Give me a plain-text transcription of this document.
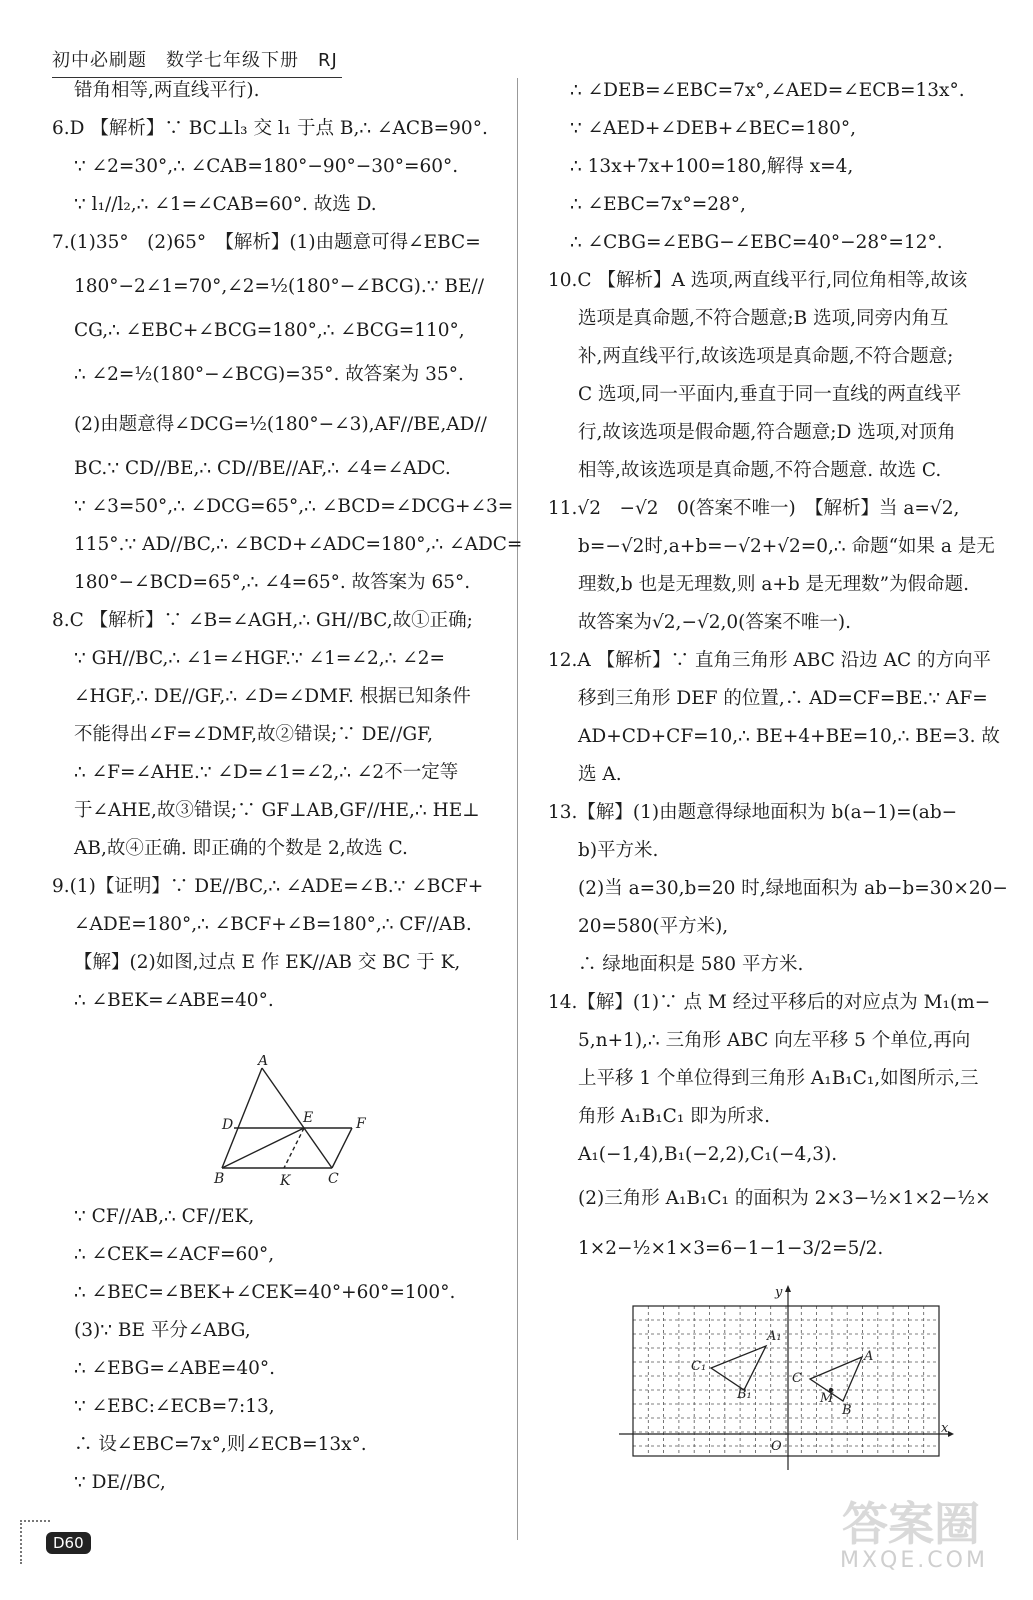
初中必刷题　数学七年级下册　RJ
错角相等,两直线平行).
6.D 【解析】∵ BC⊥l₃ 交 l₁ 于点 B,∴ ∠ACB=90°.
∵ ∠2=30°,∴ ∠CAB=180°−90°−30°=60°.
∵ l₁//l₂,∴ ∠1=∠CAB=60°. 故选 D.
7.(1)35°　(2)65°　【解析】(1)由题意可得∠EBC=
180°−2∠1=70°,∠2=½(180°−∠BCG).∵ BE//
CG,∴ ∠EBC+∠BCG=180°,∴ ∠BCG=110°,
∴ ∠2=½(180°−∠BCG)=35°. 故答案为 35°.
(2)由题意得∠DCG=½(180°−∠3),AF//BE,AD//
BC.∵ CD//BE,∴ CD//BE//AF,∴ ∠4=∠ADC.
∵ ∠3=50°,∴ ∠DCG=65°,∴ ∠BCD=∠DCG+∠3=
115°.∵ AD//BC,∴ ∠BCD+∠ADC=180°,∴ ∠ADC=
180°−∠BCD=65°,∴ ∠4=65°. 故答案为 65°.
8.C 【解析】∵ ∠B=∠AGH,∴ GH//BC,故①正确;
∵ GH//BC,∴ ∠1=∠HGF.∵ ∠1=∠2,∴ ∠2=
∠HGF,∴ DE//GF,∴ ∠D=∠DMF. 根据已知条件
不能得出∠F=∠DMF,故②错误;∵ DE//GF,
∴ ∠F=∠AHE.∵ ∠D=∠1=∠2,∴ ∠2不一定等
于∠AHE,故③错误;∵ GF⊥AB,GF//HE,∴ HE⊥
AB,故④正确. 即正确的个数是 2,故选 C.
9.(1)【证明】∵ DE//BC,∴ ∠ADE=∠B.∵ ∠BCF+
∠ADE=180°,∴ ∠BCF+∠B=180°,∴ CF//AB.
【解】(2)如图,过点 E 作 EK//AB 交 BC 于 K,
∴ ∠BEK=∠ABE=40°.
A
D	E	F
B	K	C
∵ CF//AB,∴ CF//EK,
∴ ∠CEK=∠ACF=60°,
∴ ∠BEC=∠BEK+∠CEK=40°+60°=100°.
(3)∵ BE 平分∠ABG,
∴ ∠EBG=∠ABE=40°.
∵ ∠EBC:∠ECB=7:13,
∴ 设∠EBC=7x°,则∠ECB=13x°.
∵ DE//BC,
∴ ∠DEB=∠EBC=7x°,∠AED=∠ECB=13x°.
∵ ∠AED+∠DEB+∠BEC=180°,
∴ 13x+7x+100=180,解得 x=4,
∴ ∠EBC=7x°=28°,
∴ ∠CBG=∠EBG−∠EBC=40°−28°=12°.
10.C 【解析】A 选项,两直线平行,同位角相等,故该
选项是真命题,不符合题意;B 选项,同旁内角互
补,两直线平行,故该选项是真命题,不符合题意;
C 选项,同一平面内,垂直于同一直线的两直线平
行,故该选项是假命题,符合题意;D 选项,对顶角
相等,故该选项是真命题,不符合题意. 故选 C.
11.√2　−√2　0(答案不唯一)　【解析】当 a=√2,
b=−√2时,a+b=−√2+√2=0,∴ 命题“如果 a 是无
理数,b 也是无理数,则 a+b 是无理数”为假命题.
故答案为√2,−√2,0(答案不唯一).
12.A 【解析】∵ 直角三角形 ABC 沿边 AC 的方向平
移到三角形 DEF 的位置,∴ AD=CF=BE.∵ AF=
AD+CD+CF=10,∴ BE+4+BE=10,∴ BE=3. 故
选 A.
13.【解】(1)由题意得绿地面积为 b(a−1)=(ab−
b)平方米.
(2)当 a=30,b=20 时,绿地面积为 ab−b=30×20−
20=580(平方米),
∴ 绿地面积是 580 平方米.
14.【解】(1)∵ 点 M 经过平移后的对应点为 M₁(m−
5,n+1),∴ 三角形 ABC 向左平移 5 个单位,再向
上平移 1 个单位得到三角形 A₁B₁C₁,如图所示,三
角形 A₁B₁C₁ 即为所求.
A₁(−1,4),B₁(−2,2),C₁(−4,3).
(2)三角形 A₁B₁C₁ 的面积为 2×3−½×1×2−½×
1×2−½×1×3=6−1−1−3/2=5/2.
y
x
O
A
B
C
M
A₁
B₁
C₁
D60	答案圈
MXQE.COM
